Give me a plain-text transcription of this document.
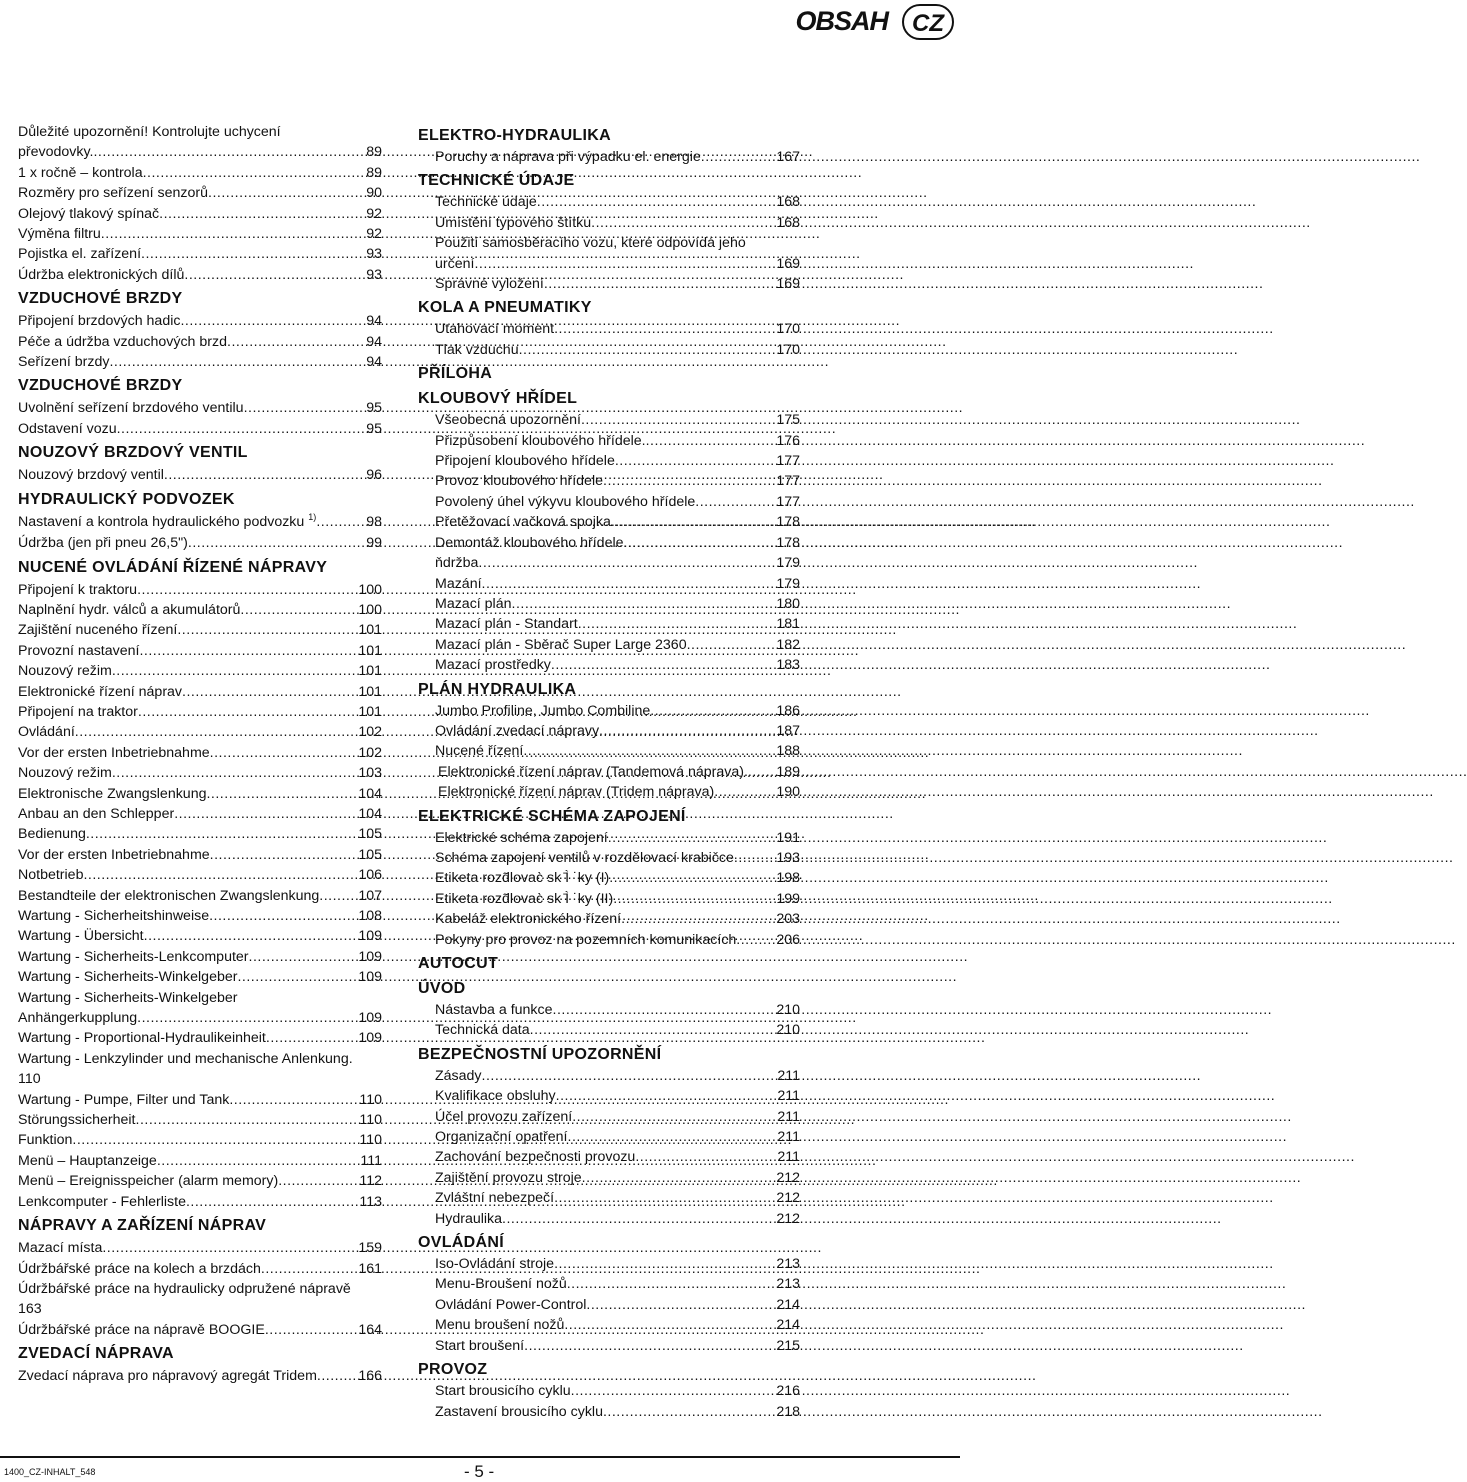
OBSAH	CZ
Důležité upozornění! Kontrolujte uchycení
převodovky. .....	89
1 x ročně – kontrola .....	89
Rozměry pro seřízení senzorů .....	90
Olejový tlakový spínač .....	92
Výměna filtru .....	92
Pojistka el. zařízení .....	93
Údržba elektronických dílů .....	93
VZDUCHOVÉ BRZDY
Připojení brzdových hadic .....	94
Péče a údržba vzduchových brzd .....	94
Seřízení brzdy .....	94
VZDUCHOVÉ BRZDY
Uvolnění seřízení brzdového ventilu .....	95
Odstavení vozu .....	95
NOUZOVÝ BRZDOVÝ VENTIL
Nouzový brzdový ventil .....	96
HYDRAULICKÝ PODVOZEK
Nastavení a kontrola hydraulického podvozku $^{1)}$ .....	98
Údržba (jen při pneu 26,5") .....	99
NUCENÉ OVLÁDÁNÍ ŘÍZENÉ NÁPRAVY
Připojení k traktoru .....	100
Naplnění hydr. válců a akumulátorů .....	100
Zajištění nuceného řízení .....	101
Provozní nastavení .....	101
Nouzový režim .....	101
Elektronické řízení náprav .....	101
Připojení na traktor .....	101
Ovládání .....	102
Vor der ersten Inbetriebnahme .....	102
Nouzový režim .....	103
Elektronische Zwangslenkung .....	104
Anbau an den Schlepper .....	104
Bedienung .....	105
Vor der ersten Inbetriebnahme .....	105
Notbetrieb .....	106
Bestandteile der elektronischen Zwangslenkung .....	107
Wartung - Sicherheitshinweise .....	108
Wartung - Übersicht .....	109
Wartung - Sicherheits-Lenkcomputer .....	109
Wartung - Sicherheits-Winkelgeber .....	109
Wartung - Sicherheits-Winkelgeber
Anhängerkupplung .....	109
Wartung - Proportional-Hydraulikeinheit .....	109
Wartung - Lenkzylinder und mechanische Anlenkung.
110
Wartung - Pumpe, Filter und Tank .....	110
Störungssicherheit .....	110
Funktion .....	110
Menü – Hauptanzeige .....	111
Menü – Ereignisspeicher (alarm memory) .....	112
Lenkcomputer - Fehlerliste .....	113
NÁPRAVY A ZAŘÍZENÍ NÁPRAV
Mazací místa .....	159
Údržbářské práce na kolech a brzdách .....	161
Údržbářské práce na hydraulicky odpružené nápravě
163
Údržbářské práce na nápravě BOOGIE .....	164
ZVEDACÍ NÁPRAVA
Zvedací náprava pro nápravový agregát Tridem .....	166
ELEKTRO-HYDRAULIKA
Poruchy a náprava při výpadku el. energie .....	167
TECHNICKÉ ÚDAJE
Technické údaje .....	168
Umístění typového štítku .....	168
Použití samosběracího vozu, které odpovídá jeho
určení .....	169
Správné vyložení .....	169
KOLA A PNEUMATIKY
Utahovací moment .....	170
Tlak vzduchu .....	170
PŘÍLOHA
KLOUBOVÝ HŘÍDEL
Všeobecná upozornění .....	175
Přizpůsobení kloubového hřídele. .....	176
Připojení kloubového hřídele .....	177
Provoz kloubového hřídele .....	177
Povolený úhel výkyvu kloubového hřídele .....	177
Přetěžovací vačková spojka .....	178
Demontáž kloubového hřídele .....	178
ňdržba .....	179
Mazání .....	179
Mazací plán .....	180
Mazací plán - Standart .....	181
Mazací plán - Sběrač Super Large 2360 .....	182
Mazací prostředky .....	183
PLÁN HYDRAULIKA
Jumbo Profiline, Jumbo Combiline .....	186
Ovládání zvedací nápravy .....	187
Nucené řízení .....	188
Elektronické řízení náprav (Tandemová náprava). ..... 189
Elektronické řízení náprav (Tridem náprava) .....	190
ELEKTRICKÉ SCHÉMA ZAPOJENÍ
Elektrické schéma zapojení .....	191
Schéma zapojení ventilů v rozdělovací krabičce .....	193
Etiketa rozd͂lovac̀ sk ̄Ì ˙ky (I) .....	198
Etiketa rozd͂lovac̀ sk ̄Ì ˙ky (II) .....	199
Kabeláž elektronického řízení .....	203
Pokyny pro provoz na pozemních komunikacích .....	206
AUTOCUT
ÚVOD
Nástavba a funkce .....	210
Technická data .....	210
BEZPEČNOSTNÍ UPOZORNĚNÍ
Zásady .....	211
Kvalifikace obsluhy .....	211
Účel provozu zařízení .....	211
Organizační opatření .....	211
Zachování bezpečnosti provozu .....	211
Zajištění provozu stroje .....	212
Zvláštní nebezpečí .....	212
Hydraulika .....	212
OVLÁDÁNÍ
Iso-Ovládání stroje .....	213
Menu-Broušení nožů .....	213
Ovládání Power-Control .....	214
Menu broušení nožů .....	214
Start broušení .....	215
PROVOZ
Start brousicího cyklu .....	216
Zastavení brousicího cyklu .....	218
1400_CZ-INHALT_548	- 5 -
